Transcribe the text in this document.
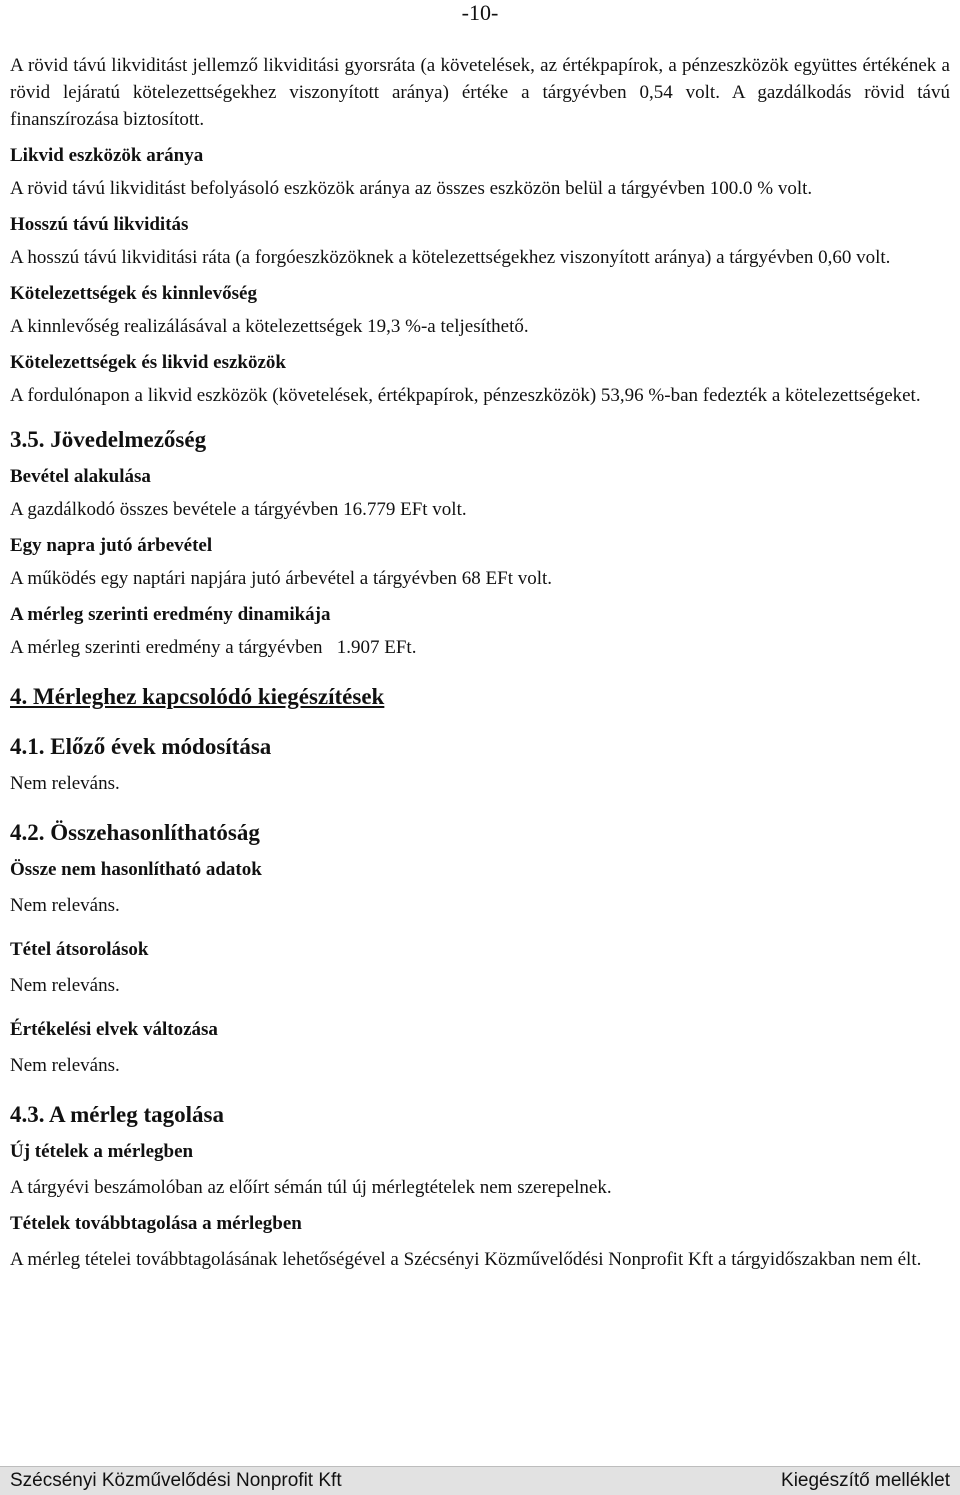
-10-

A rövid távú likviditást jellemző likviditási gyorsráta (a követelések, az értékpapírok, a pénzeszközök együttes értékének a rövid lejáratú kötelezettségekhez viszonyított aránya) értéke a tárgyévben 0,54 volt. A gazdálkodás rövid távú finanszírozása biztosított.

Likvid eszközök aránya

A rövid távú likviditást befolyásoló eszközök aránya az összes eszközön belül a tárgyévben 100.0 % volt.

Hosszú távú likviditás

A hosszú távú likviditási ráta (a forgóeszközöknek a kötelezettségekhez viszonyított aránya) a tárgyévben 0,60 volt.

Kötelezettségek és kinnlevőség

A kinnlevőség realizálásával a kötelezettségek 19,3 %-a teljesíthető.

Kötelezettségek és likvid eszközök

A fordulónapon a likvid eszközök (követelések, értékpapírok, pénzeszközök) 53,96 %-ban fedezték a kötelezettségeket.

3.5. Jövedelmezőség
Bevétel alakulása

A gazdálkodó összes bevétele a tárgyévben 16.779 EFt volt.

Egy napra jutó árbevétel

A működés egy naptári napjára jutó árbevétel a tárgyévben 68 EFt volt.

A mérleg szerinti eredmény dinamikája

A mérleg szerinti eredmény a tárgyévben   1.907 EFt.

4. Mérleghez kapcsolódó kiegészítések
4.1. Előző évek módosítása

Nem releváns.

4.2. Összehasonlíthatóság
Össze nem hasonlítható adatok

Nem releváns.

Tétel átsorolások

Nem releváns.

Értékelési elvek változása

Nem releváns.

4.3. A mérleg tagolása
Új tételek a mérlegben

A tárgyévi beszámolóban az előírt sémán túl új mérlegtételek nem szerepelnek.

Tételek továbbtagolása a mérlegben

A mérleg tételei továbbtagolásának lehetőségével a Szécsényi Közművelődési Nonprofit Kft a tárgyidőszakban nem élt.

Szécsényi Közművelődési Nonprofit Kft	Kiegészítő melléklet
